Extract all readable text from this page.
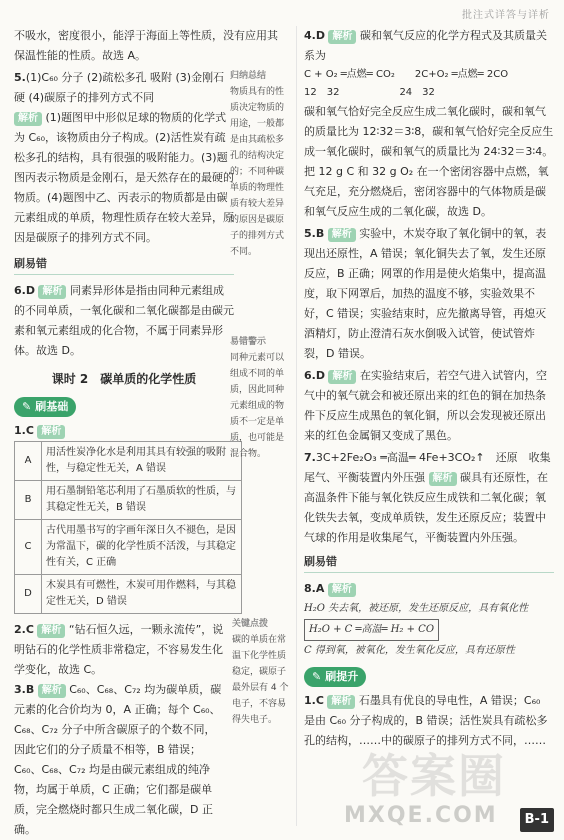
批注式详答与详析

不吸水，密度很小，能浮于海面上等性质，没有应用其保温性能的性质。故选 A。

5.(1)C₆₀ 分子 (2)疏松多孔 吸附 (3)金刚石 硬 (4)碳原子的排列方式不同

解析 (1)题图甲中形似足球的物质的化学式为 C₆₀，该物质由分子构成。(2)活性炭有疏松多孔的结构，具有很强的吸附能力。(3)题图丙表示物质是金刚石，是天然存在的最硬的物质。(4)题图中乙、丙表示的物质都是由碳元素组成的单质，物理性质存在较大差异，原因是碳原子的排列方式不同。

刷易错

6.D 解析 同素异形体是指由同种元素组成的不同单质，一氧化碳和二氧化碳都是由碳元素和氧元素组成的化合物，不属于同素异形体。故选 D。

课时 2　碳单质的化学性质
✎ 刷基础

1.C 解析

A	用活性炭净化水是利用其具有较强的吸附性，与稳定性无关，A 错误
B	用石墨制铅笔芯利用了石墨质软的性质，与其稳定性无关，B 错误
C	古代用墨书写的字画年深日久不褪色，是因为常温下，碳的化学性质不活泼，与其稳定性有关，C 正确
D	木炭具有可燃性，木炭可用作燃料，与其稳定性无关，D 错误

2.C 解析 “钻石恒久远，一颗永流传”，说明钻石的化学性质非常稳定，不容易发生化学变化，故选 C。

3.B 解析 C₆₀、C₆₈、C₇₂ 均为碳单质，碳元素的化合价均为 0，A 正确；每个 C₆₀、C₆₈、C₇₂ 分子中所含碳原子的个数不同，因此它们的分子质量不相等，B 错误；C₆₀、C₆₈、C₇₂ 均是由碳元素组成的纯净物，均属于单质，C 正确；它们都是碳单质，完全燃烧时都只生成二氧化碳，D 正确。

归纳总结
物质具有的性质决定物质的用途，一般都是由其疏松多孔的结构决定的；不同种碳单质的物理性质有较大差异的原因是碳原子的排列方式不同。
易错警示
同种元素可以组成不同的单质，因此同种元素组成的物质不一定是单质，也可能是混合物。
关键点拨
碳的单质在常温下化学性质稳定，碳原子最外层有 4 个电子，不容易得失电子。

4.D 解析 碳和氧气反应的化学方程式及其质量关系为

C + O₂ ═点燃═ CO₂　　2C+O₂ ═点燃═ 2CO
12　32　　　　　　24　32

碳和氧气恰好完全反应生成二氧化碳时，碳和氧气的质量比为 12∶32＝3∶8，碳和氧气恰好完全反应生成一氧化碳时，碳和氧气的质量比为 24∶32＝3∶4。把 12 g C 和 32 g O₂ 在一个密闭容器中点燃，氧气充足，充分燃烧后，密闭容器中的气体物质是碳和氧气反应生成的二氧化碳，故选 D。

5.B 解析 实验中，木炭夺取了氧化铜中的氧，表现出还原性，A 错误；氧化铜失去了氧，发生还原反应，B 正确；网罩的作用是使火焰集中，提高温度，取下网罩后，加热的温度不够，实验效果不好，C 错误；实验结束时，应先撤离导管，再熄灭酒精灯，防止澄清石灰水倒吸入试管，使试管炸裂，D 错误。

6.D 解析 在实验结束后，若空气进入试管内，空气中的氧气就会和被还原出来的红色的铜在加热条件下反应生成黑色的氧化铜，所以会发现被还原出来的红色金属铜又变成了黑色。

7.3C+2Fe₂O₃ ═高温═ 4Fe+3CO₂↑　还原　收集尾气、平衡装置内外压强 解析 碳具有还原性，在高温条件下能与氧化铁反应生成铁和二氧化碳；氧化铁失去氧，变成单质铁，发生还原反应；装置中气球的作用是收集尾气，平衡装置内外压强。

刷易错

8.A 解析

H₂O 失去氧，被还原，发生还原反应，具有氧化性
H₂O + C ═高温═ H₂ + CO
C 得到氧，被氧化，发生氧化反应，具有还原性
✎ 刷提升

1.C 解析 石墨具有优良的导电性，A 错误；C₆₀ 是由 C₆₀ 分子构成的，B 错误；活性炭具有疏松多孔的结构，……中的碳原子的排列方式不同，……

答案圈
MXQE.COM	B-1
